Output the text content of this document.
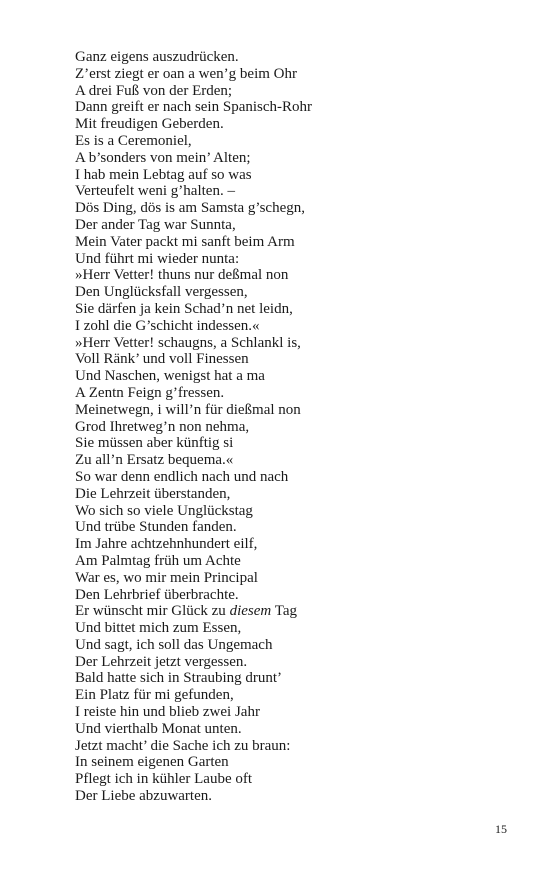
Ganz eigens auszudrücken.
Z’erst ziegt er oan a wen’g beim Ohr
A drei Fuß von der Erden;
Dann greift er nach sein Spanisch-Rohr
Mit freudigen Geberden.
Es is a Ceremoniel,
A b’sonders von mein’ Alten;
I hab mein Lebtag auf so was
Verteufelt weni g’halten. –
Dös Ding, dös is am Samsta g’schegn,
Der ander Tag war Sunnta,
Mein Vater packt mi sanft beim Arm
Und führt mi wieder nunta:
»Herr Vetter! thuns nur deßmal non
Den Unglücksfall vergessen,
Sie därfen ja kein Schad’n net leidn,
I zohl die G’schicht indessen.«
»Herr Vetter! schaugns, a Schlankl is,
Voll Ränk’ und voll Finessen
Und Naschen, wenigst hat a ma
A Zentn Feign g’fressen.
Meinetwegn, i will’n für dießmal non
Grod Ihretweg’n non nehma,
Sie müssen aber künftig si
Zu all’n Ersatz bequema.«
So war denn endlich nach und nach
Die Lehrzeit überstanden,
Wo sich so viele Unglückstag
Und trübe Stunden fanden.
Im Jahre achtzehnhundert eilf,
Am Palmtag früh um Achte
War es, wo mir mein Principal
Den Lehrbrief überbrachte.
Er wünscht mir Glück zu diesem Tag
Und bittet mich zum Essen,
Und sagt, ich soll das Ungemach
Der Lehrzeit jetzt vergessen.
Bald hatte sich in Straubing drunt’
Ein Platz für mi gefunden,
I reiste hin und blieb zwei Jahr
Und vierthalb Monat unten.
Jetzt macht’ die Sache ich zu braun:
In seinem eigenen Garten
Pflegt ich in kühler Laube oft
Der Liebe abzuwarten.
15
